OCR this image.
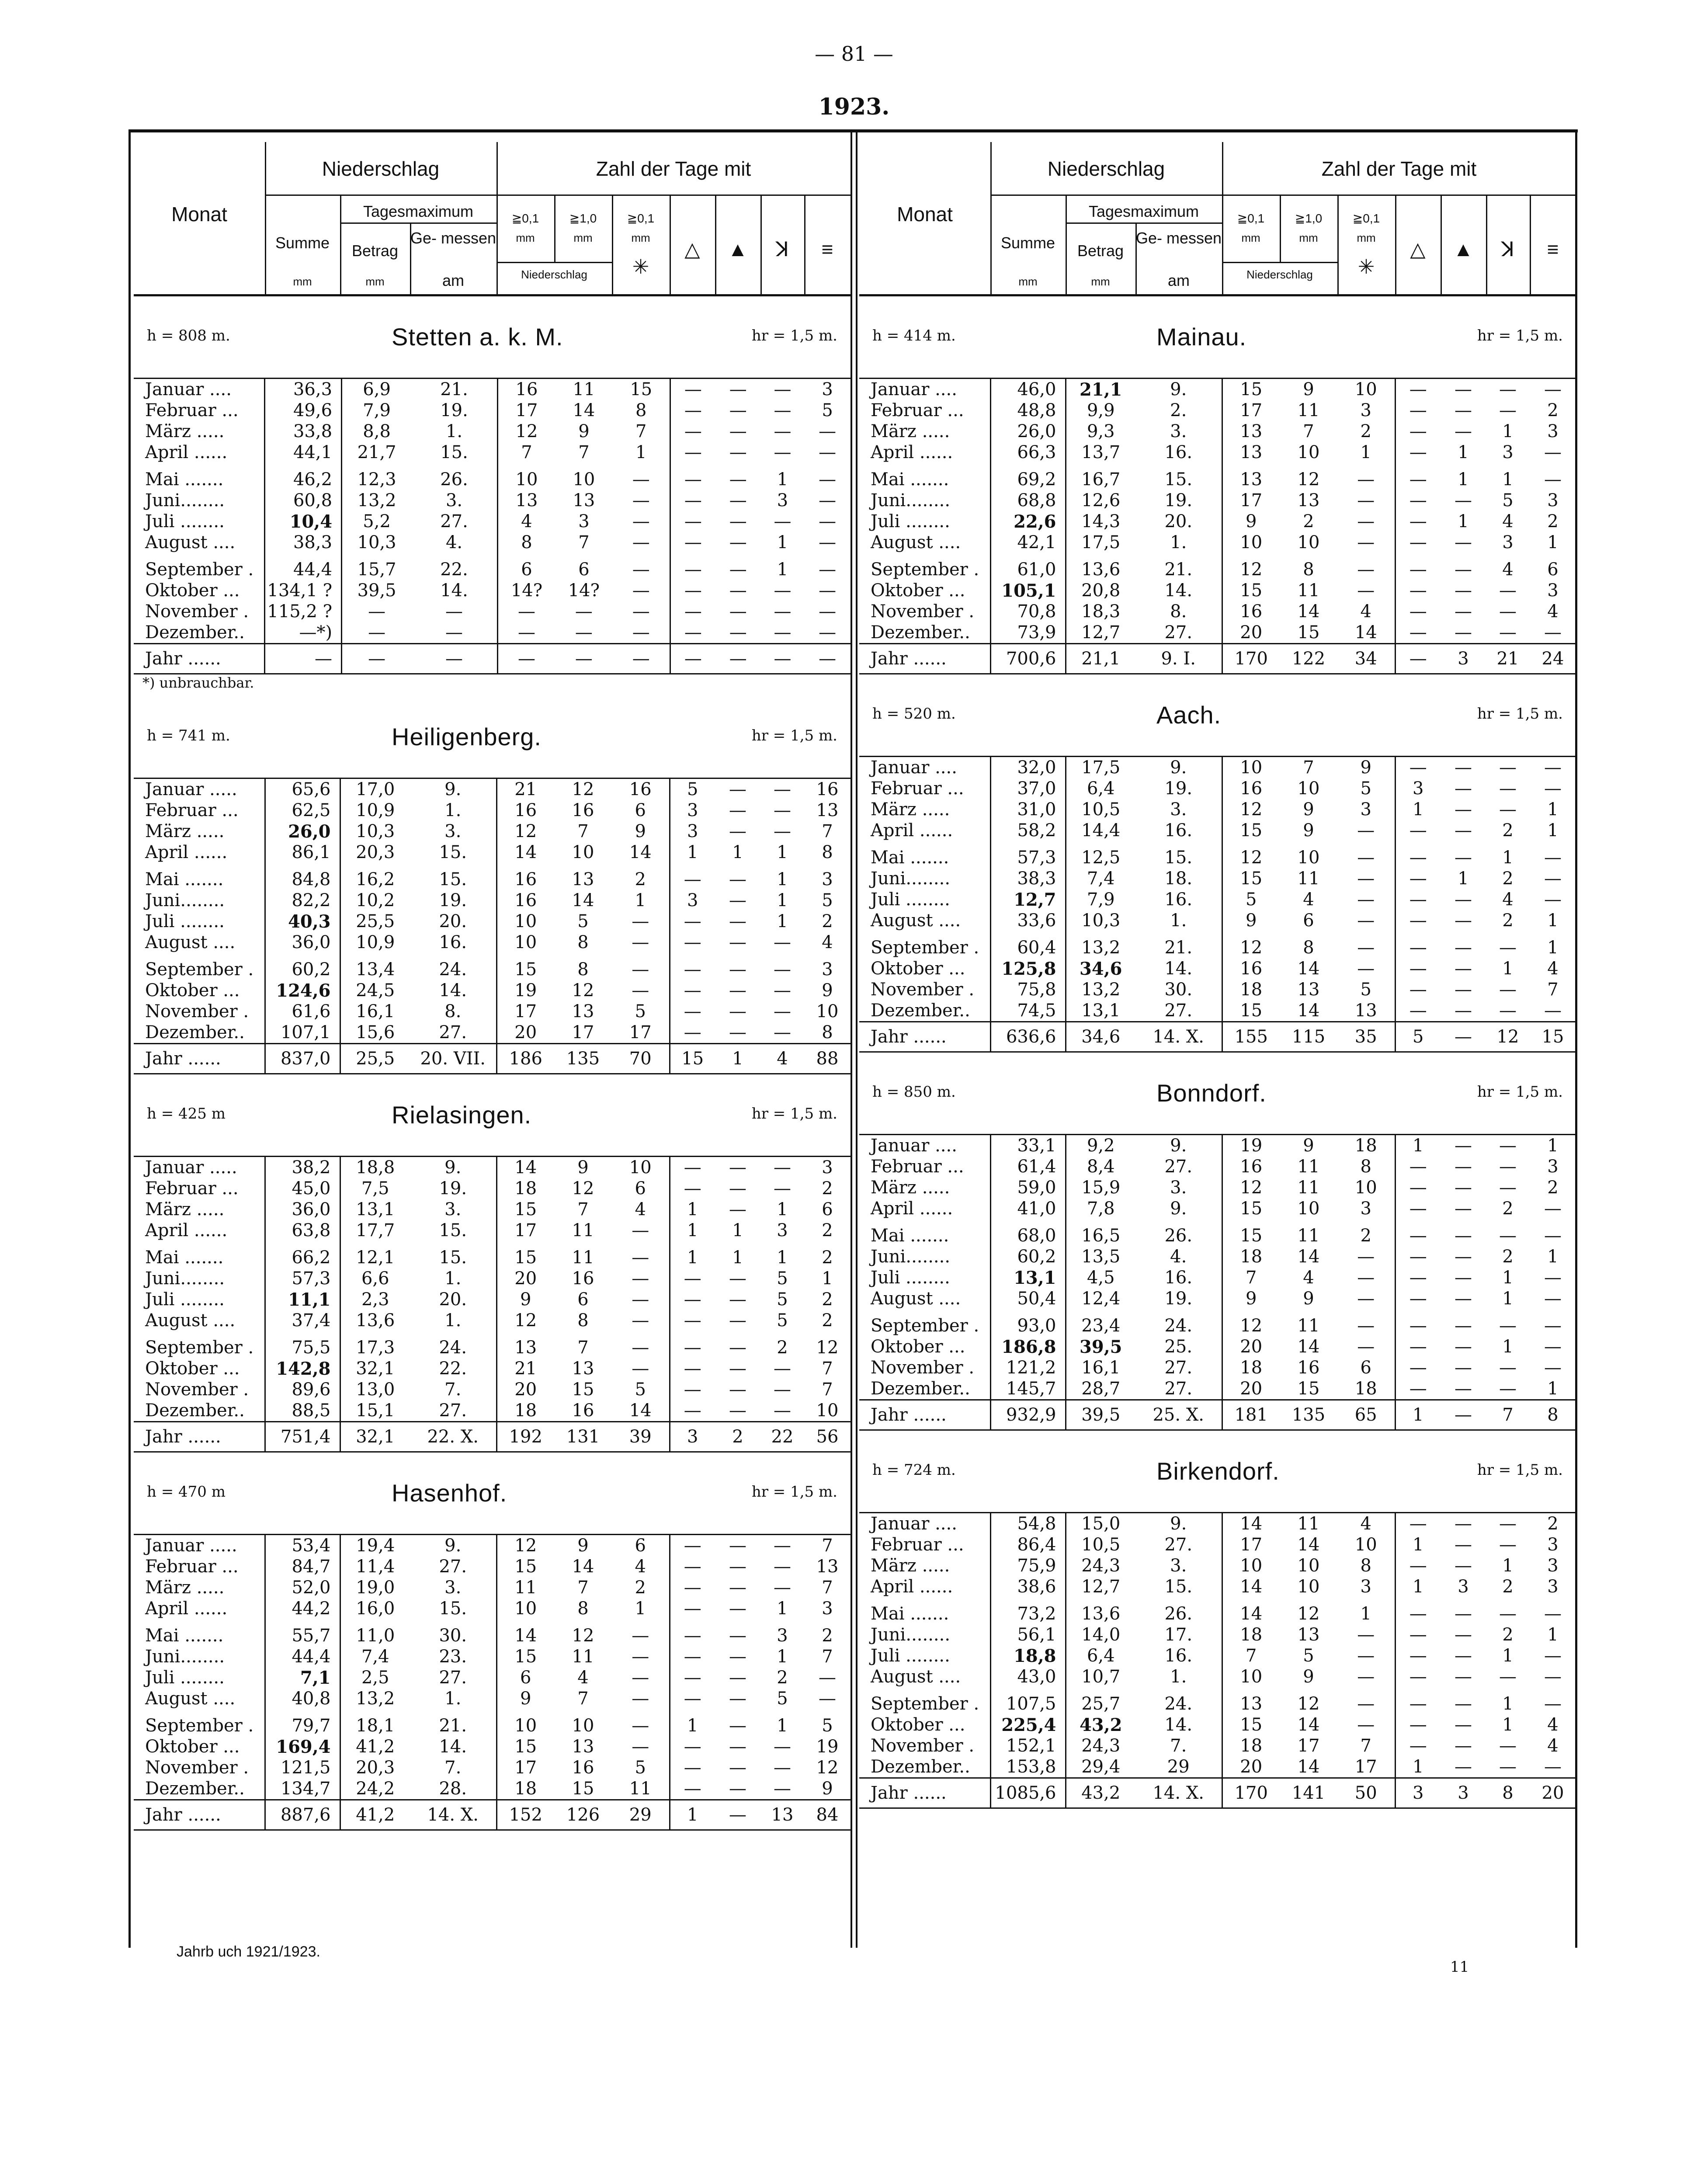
— 81 —
1923.
Monat
Niederschlag
Summe
mm
Tagesmaximum
Betrag
mm
Ge- messen
am
Zahl der Tage mit
≧0,1
mm
≧1,0
mm
Niederschlag
≧0,1
mm
✳
△	▲	ꓘ	≡
h = 808 m.	Stetten a. k. M.	hr = 1,5 m.
Januar ....	36,3	6,9	21.	16	11	15	—	—	—	3
Februar ...	49,6	7,9	19.	17	14	8	—	—	—	5
März .....	33,8	8,8	1.	12	9	7	—	—	—	—
April ......	44,1	21,7	15.	7	7	1	—	—	—	—
Mai .......	46,2	12,3	26.	10	10	—	—	—	1	—
Juni........	60,8	13,2	3.	13	13	—	—	—	3	—
Juli ........	10,4	5,2	27.	4	3	—	—	—	—	—
August ....	38,3	10,3	4.	8	7	—	—	—	1	—
September .	44,4	15,7	22.	6	6	—	—	—	1	—
Oktober ...	134,1 ?	39,5	14.	14?	14?	—	—	—	—	—
November .	115,2 ?	—	—	—	—	—	—	—	—	—
Dezember..	—*)	—	—	—	—	—	—	—	—	—
Jahr ......	—	—	—	—	—	—	—	—	—	—
*) unbrauchbar.
h = 741 m.	Heiligenberg.	hr = 1,5 m.
Januar .....	65,6	17,0	9.	21	12	16	5	—	—	16
Februar ...	62,5	10,9	1.	16	16	6	3	—	—	13
März .....	26,0	10,3	3.	12	7	9	3	—	—	7
April ......	86,1	20,3	15.	14	10	14	1	1	1	8
Mai .......	84,8	16,2	15.	16	13	2	—	—	1	3
Juni........	82,2	10,2	19.	16	14	1	3	—	1	5
Juli ........	40,3	25,5	20.	10	5	—	—	—	1	2
August ....	36,0	10,9	16.	10	8	—	—	—	—	4
September .	60,2	13,4	24.	15	8	—	—	—	—	3
Oktober ...	124,6	24,5	14.	19	12	—	—	—	—	9
November .	61,6	16,1	8.	17	13	5	—	—	—	10
Dezember..	107,1	15,6	27.	20	17	17	—	—	—	8
Jahr ......	837,0	25,5	20. VII.	186	135	70	15	1	4	88
h = 425 m	Rielasingen.	hr = 1,5 m.
Januar .....	38,2	18,8	9.	14	9	10	—	—	—	3
Februar ...	45,0	7,5	19.	18	12	6	—	—	—	2
März .....	36,0	13,1	3.	15	7	4	1	—	1	6
April ......	63,8	17,7	15.	17	11	—	1	1	3	2
Mai .......	66,2	12,1	15.	15	11	—	1	1	1	2
Juni........	57,3	6,6	1.	20	16	—	—	—	5	1
Juli ........	11,1	2,3	20.	9	6	—	—	—	5	2
August ....	37,4	13,6	1.	12	8	—	—	—	5	2
September .	75,5	17,3	24.	13	7	—	—	—	2	12
Oktober ...	142,8	32,1	22.	21	13	—	—	—	—	7
November .	89,6	13,0	7.	20	15	5	—	—	—	7
Dezember..	88,5	15,1	27.	18	16	14	—	—	—	10
Jahr ......	751,4	32,1	22. X.	192	131	39	3	2	22	56
h = 470 m	Hasenhof.	hr = 1,5 m.
Januar .....	53,4	19,4	9.	12	9	6	—	—	—	7
Februar ...	84,7	11,4	27.	15	14	4	—	—	—	13
März .....	52,0	19,0	3.	11	7	2	—	—	—	7
April ......	44,2	16,0	15.	10	8	1	—	—	1	3
Mai .......	55,7	11,0	30.	14	12	—	—	—	3	2
Juni........	44,4	7,4	23.	15	11	—	—	—	1	7
Juli ........	7,1	2,5	27.	6	4	—	—	—	2	—
August ....	40,8	13,2	1.	9	7	—	—	—	5	—
September .	79,7	18,1	21.	10	10	—	1	—	1	5
Oktober ...	169,4	41,2	14.	15	13	—	—	—	—	19
November .	121,5	20,3	7.	17	16	5	—	—	—	12
Dezember..	134,7	24,2	28.	18	15	11	—	—	—	9
Jahr ......	887,6	41,2	14. X.	152	126	29	1	—	13	84
Monat
Niederschlag
Summe
mm
Tagesmaximum
Betrag
mm
Ge- messen
am
Zahl der Tage mit
≧0,1
mm
≧1,0
mm
Niederschlag
≧0,1
mm
✳
△	▲	ꓘ	≡
h = 414 m.	Mainau.	hr = 1,5 m.
Januar ....	46,0	21,1	9.	15	9	10	—	—	—	—
Februar ...	48,8	9,9	2.	17	11	3	—	—	—	2
März .....	26,0	9,3	3.	13	7	2	—	—	1	3
April ......	66,3	13,7	16.	13	10	1	—	1	3	—
Mai .......	69,2	16,7	15.	13	12	—	—	1	1	—
Juni........	68,8	12,6	19.	17	13	—	—	—	5	3
Juli ........	22,6	14,3	20.	9	2	—	—	1	4	2
August ....	42,1	17,5	1.	10	10	—	—	—	3	1
September .	61,0	13,6	21.	12	8	—	—	—	4	6
Oktober ...	105,1	20,8	14.	15	11	—	—	—	—	3
November .	70,8	18,3	8.	16	14	4	—	—	—	4
Dezember..	73,9	12,7	27.	20	15	14	—	—	—	—
Jahr ......	700,6	21,1	9. I.	170	122	34	—	3	21	24
h = 520 m.	Aach.	hr = 1,5 m.
Januar ....	32,0	17,5	9.	10	7	9	—	—	—	—
Februar ...	37,0	6,4	19.	16	10	5	3	—	—	—
März .....	31,0	10,5	3.	12	9	3	1	—	—	1
April ......	58,2	14,4	16.	15	9	—	—	—	2	1
Mai .......	57,3	12,5	15.	12	10	—	—	—	1	—
Juni........	38,3	7,4	18.	15	11	—	—	1	2	—
Juli ........	12,7	7,9	16.	5	4	—	—	—	4	—
August ....	33,6	10,3	1.	9	6	—	—	—	2	1
September .	60,4	13,2	21.	12	8	—	—	—	—	1
Oktober ...	125,8	34,6	14.	16	14	—	—	—	1	4
November .	75,8	13,2	30.	18	13	5	—	—	—	7
Dezember..	74,5	13,1	27.	15	14	13	—	—	—	—
Jahr ......	636,6	34,6	14. X.	155	115	35	5	—	12	15
h = 850 m.	Bonndorf.	hr = 1,5 m.
Januar ....	33,1	9,2	9.	19	9	18	1	—	—	1
Februar ...	61,4	8,4	27.	16	11	8	—	—	—	3
März .....	59,0	15,9	3.	12	11	10	—	—	—	2
April ......	41,0	7,8	9.	15	10	3	—	—	2	—
Mai .......	68,0	16,5	26.	15	11	2	—	—	—	—
Juni........	60,2	13,5	4.	18	14	—	—	—	2	1
Juli ........	13,1	4,5	16.	7	4	—	—	—	1	—
August ....	50,4	12,4	19.	9	9	—	—	—	1	—
September .	93,0	23,4	24.	12	11	—	—	—	—	—
Oktober ...	186,8	39,5	25.	20	14	—	—	—	1	—
November .	121,2	16,1	27.	18	16	6	—	—	—	—
Dezember..	145,7	28,7	27.	20	15	18	—	—	—	1
Jahr ......	932,9	39,5	25. X.	181	135	65	1	—	7	8
h = 724 m.	Birkendorf.	hr = 1,5 m.
Januar ....	54,8	15,0	9.	14	11	4	—	—	—	2
Februar ...	86,4	10,5	27.	17	14	10	1	—	—	3
März .....	75,9	24,3	3.	10	10	8	—	—	1	3
April ......	38,6	12,7	15.	14	10	3	1	3	2	3
Mai .......	73,2	13,6	26.	14	12	1	—	—	—	—
Juni........	56,1	14,0	17.	18	13	—	—	—	2	1
Juli ........	18,8	6,4	16.	7	5	—	—	—	1	—
August ....	43,0	10,7	1.	10	9	—	—	—	—	—
September .	107,5	25,7	24.	13	12	—	—	—	1	—
Oktober ...	225,4	43,2	14.	15	14	—	—	—	1	4
November .	152,1	24,3	7.	18	17	7	—	—	—	4
Dezember..	153,8	29,4	29	20	14	17	1	—	—	—
Jahr ......	1085,6	43,2	14. X.	170	141	50	3	3	8	20
Jahrb uch 1921/1923.
11
